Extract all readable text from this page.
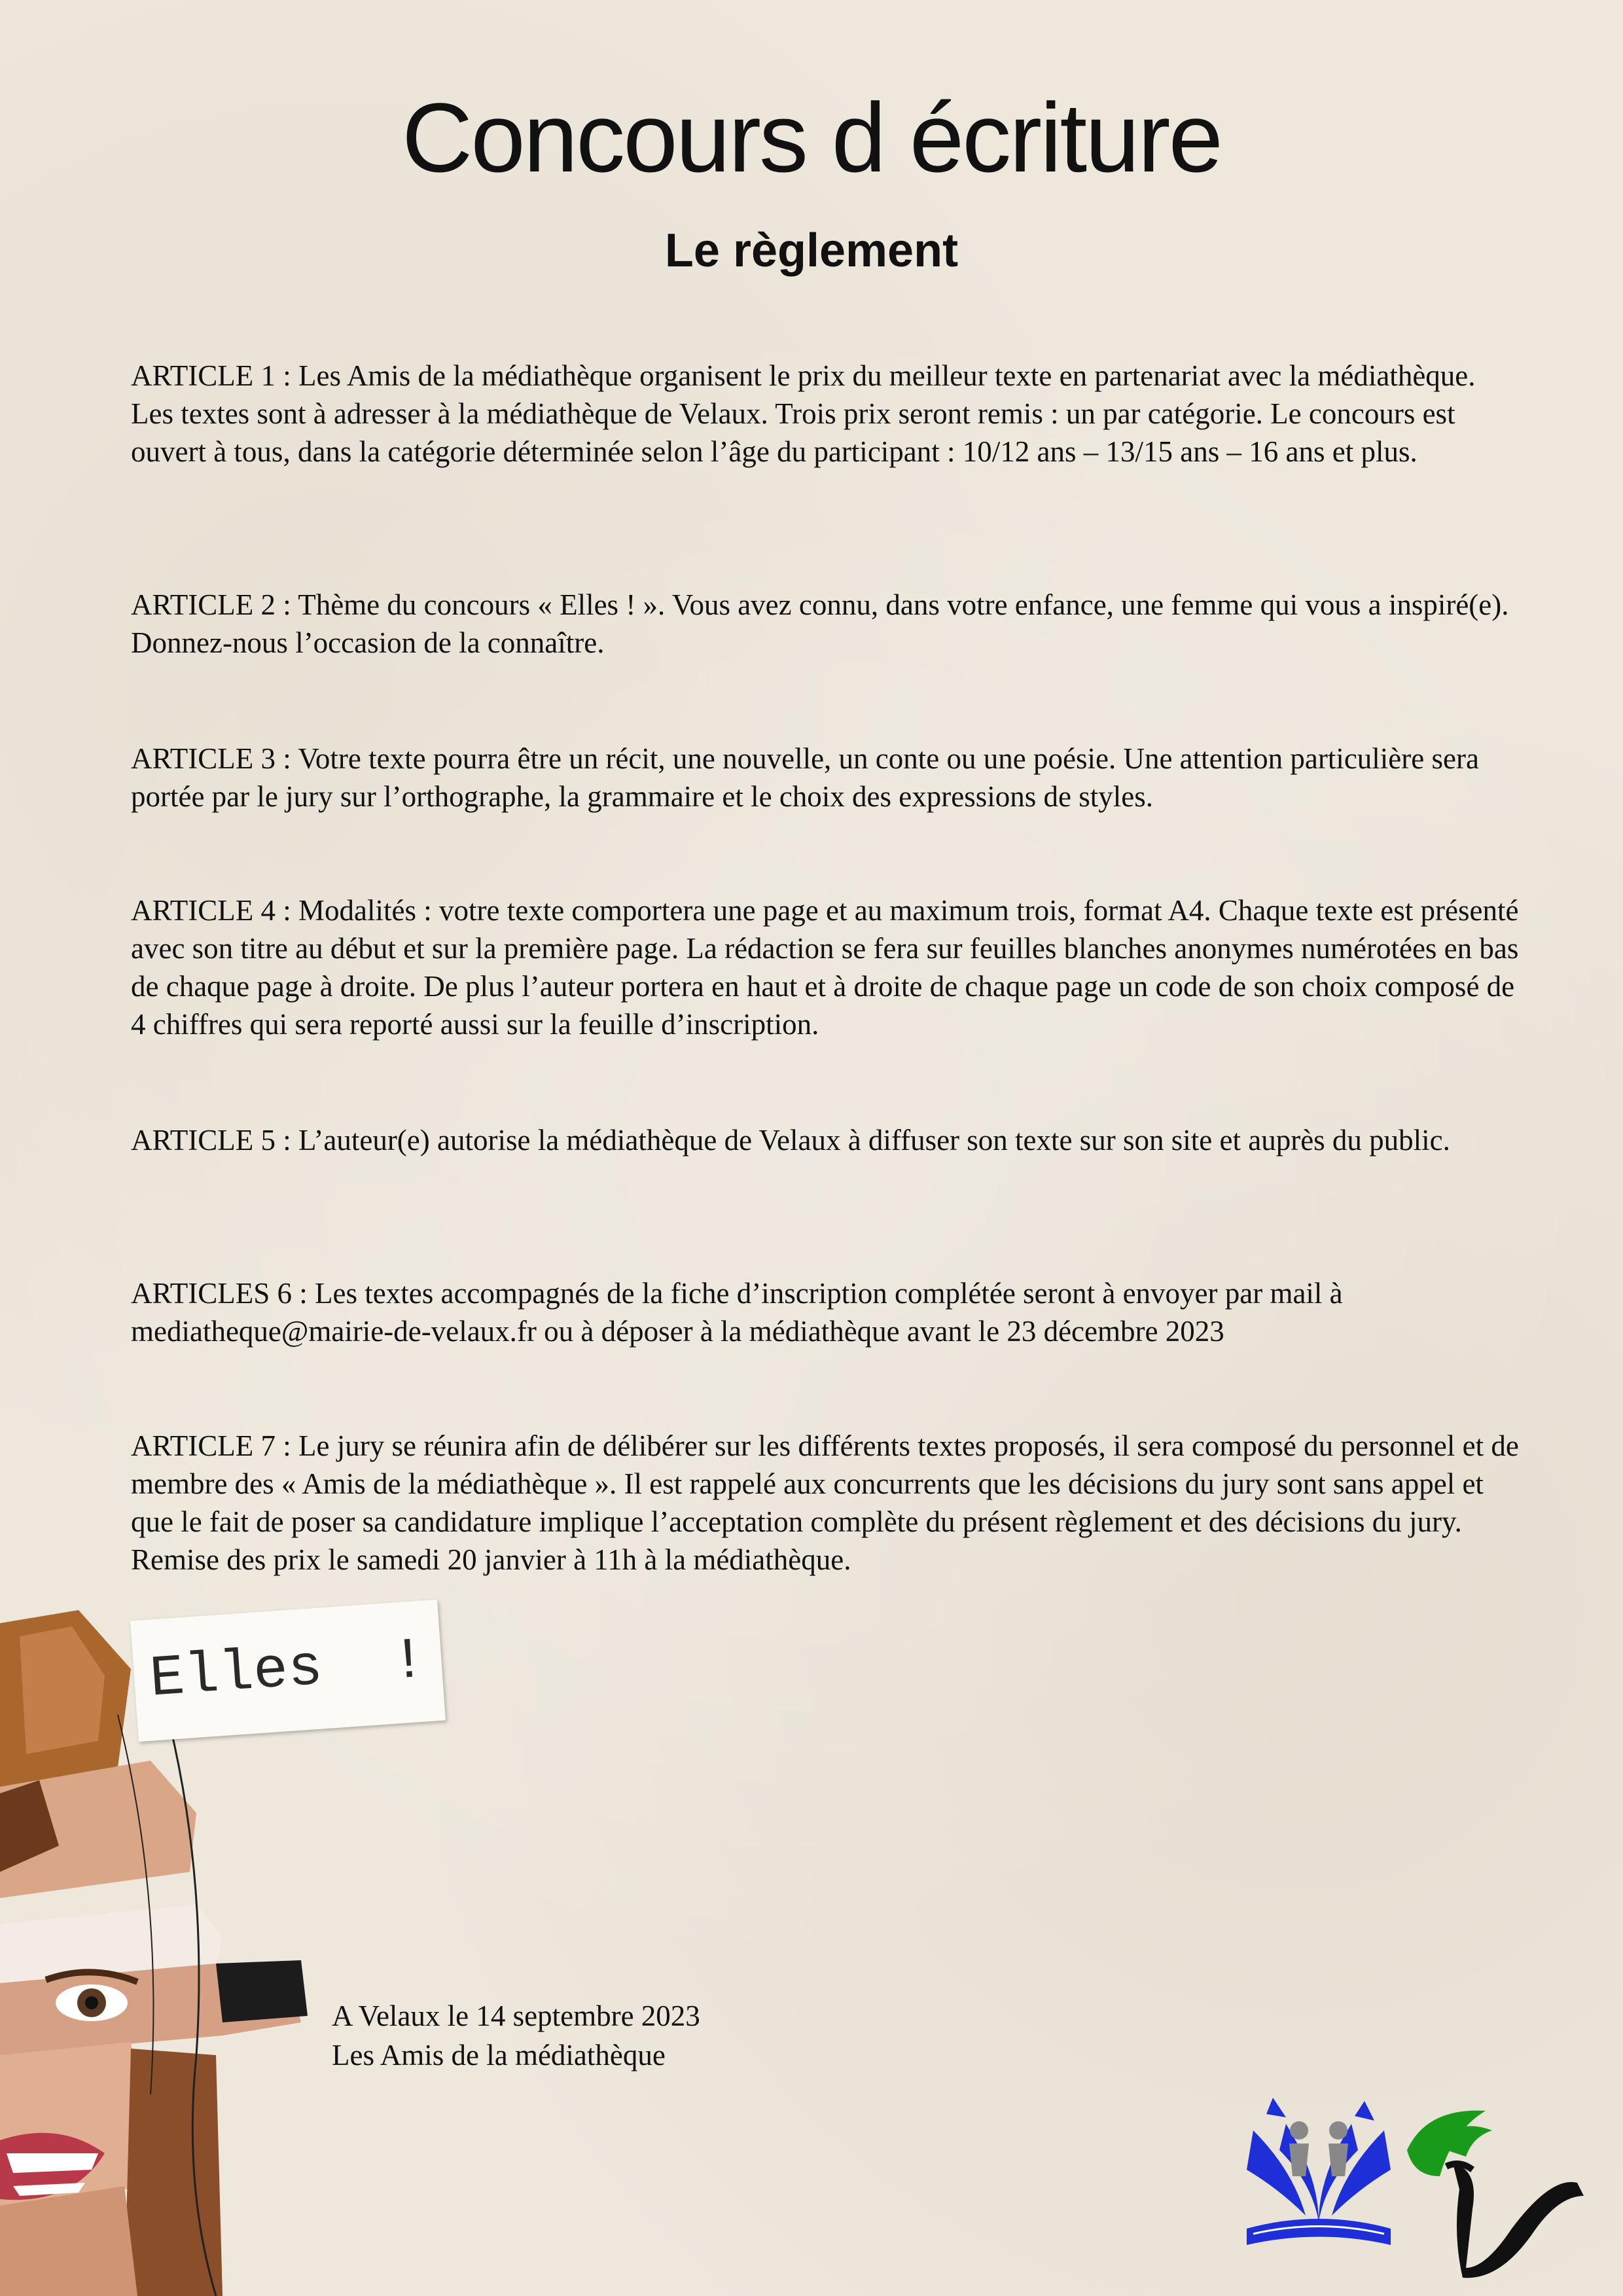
Concours d écriture
Le règlement

ARTICLE 1 : Les Amis de la médiathèque organisent le prix du meilleur texte en partenariat avec la médiathèque. Les textes sont à adresser à la médiathèque de Velaux. Trois prix seront remis : un par catégorie. Le concours est ouvert à tous, dans la catégorie déterminée selon l’âge du participant : 10/12 ans – 13/15 ans – 16 ans et plus.

ARTICLE 2 : Thème du concours « Elles ! ». Vous avez connu, dans votre enfance, une femme qui vous a inspiré(e). Donnez-nous l’occasion de la connaître.

ARTICLE 3 : Votre texte pourra être un récit, une nouvelle, un conte ou une poésie. Une attention particulière sera portée par le jury sur l’orthographe, la grammaire et le choix des expressions de styles.

ARTICLE 4 : Modalités : votre texte comportera une page et au maximum trois, format A4. Chaque texte est présenté avec son titre au début et sur la première page. La rédaction se fera sur feuilles blanches anonymes numérotées en bas de chaque page à droite. De plus l’auteur portera en haut et à droite de chaque page un code de son choix composé de 4 chiffres qui sera reporté aussi sur la feuille d’inscription.

ARTICLE 5 : L’auteur(e) autorise la médiathèque de Velaux à diffuser son texte sur son site et auprès du public.

ARTICLES 6 : Les textes accompagnés de la fiche d’inscription complétée seront à envoyer par mail à mediatheque@mairie-de-velaux.fr ou à déposer à la médiathèque avant le 23 décembre 2023

ARTICLE 7 : Le jury se réunira afin de délibérer sur les différents textes proposés, il sera composé du personnel et de membre des « Amis de la médiathèque ». Il est rappelé aux concurrents que les décisions du jury sont sans appel et que le fait de poser sa candidature implique l’acceptation complète du présent règlement et des décisions du jury. Remise des prix le samedi 20 janvier à 11h à la médiathèque.

Elles  !
A Velaux le 14 septembre 2023
Les Amis de la médiathèque
